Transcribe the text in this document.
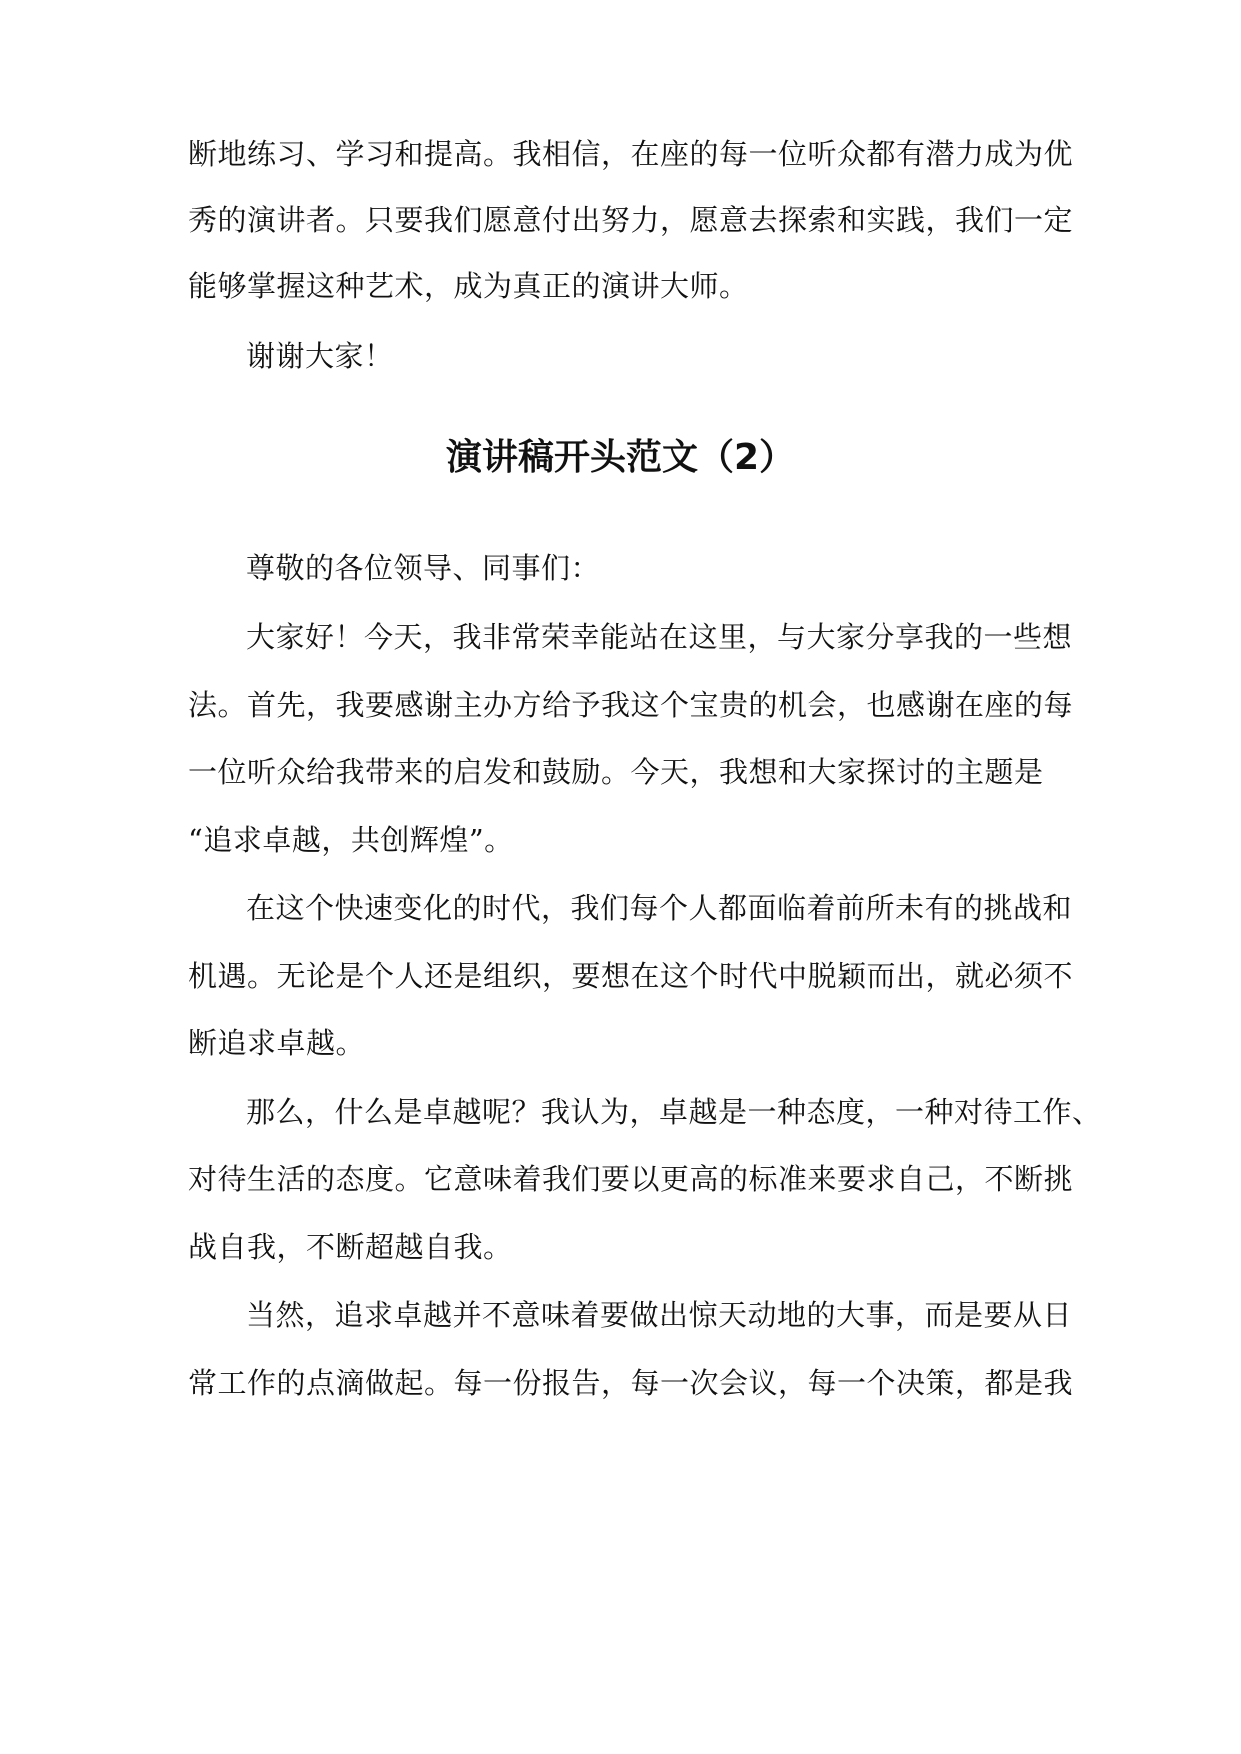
断地练习、学习和提高。我相信，在座的每一位听众都有潜力成为优
秀的演讲者。只要我们愿意付出努力，愿意去探索和实践，我们一定
能够掌握这种艺术，成为真正的演讲大师。
谢谢大家！
演讲稿开头范文（2）
尊敬的各位领导、同事们：
大家好！今天，我非常荣幸能站在这里，与大家分享我的一些想
法。首先，我要感谢主办方给予我这个宝贵的机会，也感谢在座的每
一位听众给我带来的启发和鼓励。今天，我想和大家探讨的主题是
“追求卓越，共创辉煌”。
在这个快速变化的时代，我们每个人都面临着前所未有的挑战和
机遇。无论是个人还是组织，要想在这个时代中脱颖而出，就必须不
断追求卓越。
那么，什么是卓越呢？我认为，卓越是一种态度，一种对待工作、
对待生活的态度。它意味着我们要以更高的标准来要求自己，不断挑
战自我，不断超越自我。
当然，追求卓越并不意味着要做出惊天动地的大事，而是要从日
常工作的点滴做起。每一份报告，每一次会议，每一个决策，都是我
